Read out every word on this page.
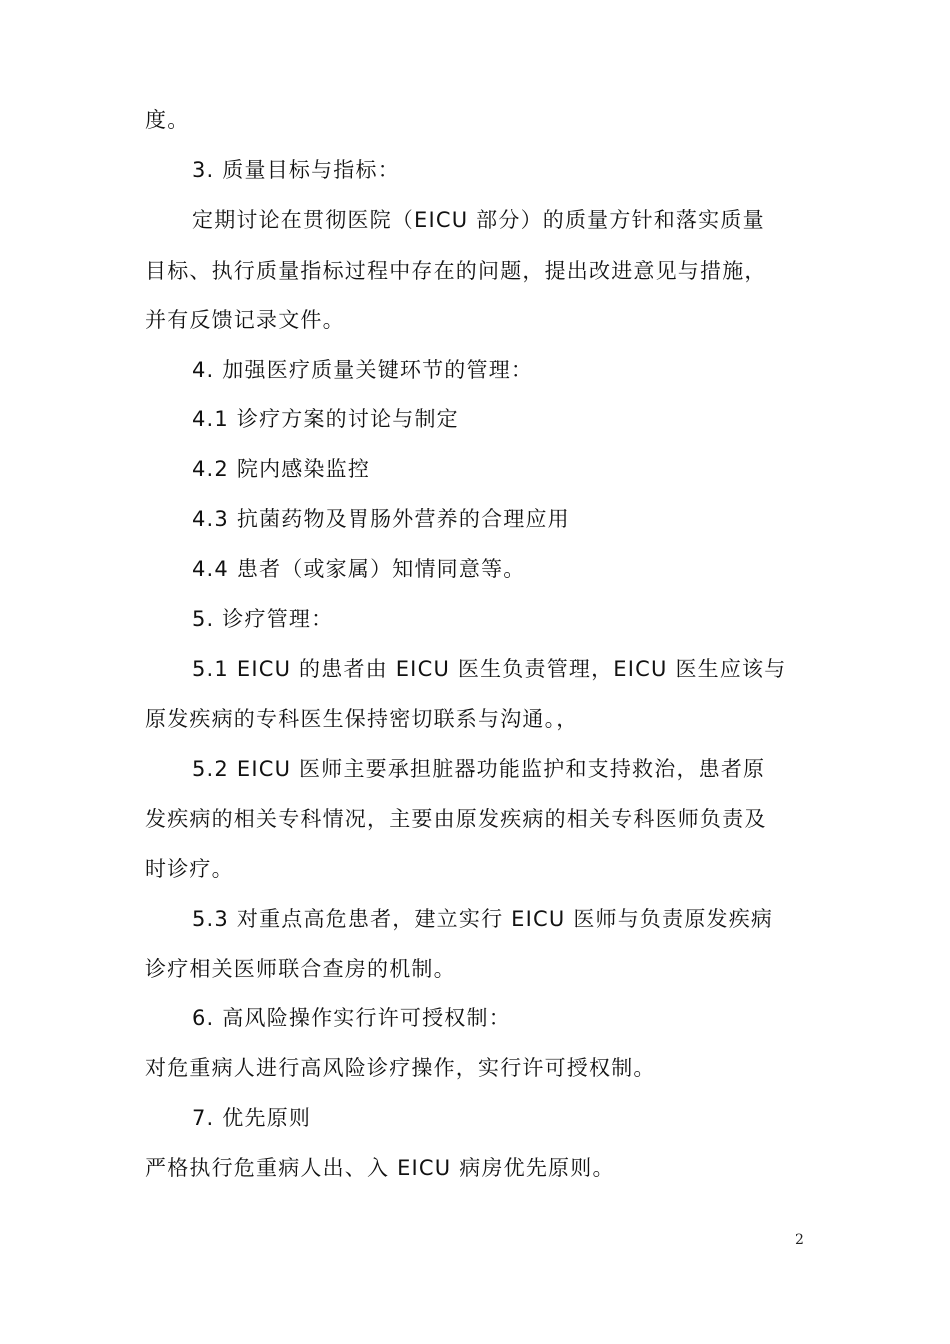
度。
3. 质量目标与指标：
定期讨论在贯彻医院（EICU 部分）的质量方针和落实质量
目标、执行质量指标过程中存在的问题，提出改进意见与措施，
并有反馈记录文件。
4. 加强医疗质量关键环节的管理：
4.1 诊疗方案的讨论与制定
4.2 院内感染监控
4.3 抗菌药物及胃肠外营养的合理应用
4.4 患者（或家属）知情同意等。
5. 诊疗管理：
5.1 EICU 的患者由 EICU 医生负责管理，EICU 医生应该与
原发疾病的专科医生保持密切联系与沟通。，
5.2 EICU 医师主要承担脏器功能监护和支持救治，患者原
发疾病的相关专科情况，主要由原发疾病的相关专科医师负责及
时诊疗。
5.3 对重点高危患者，建立实行 EICU 医师与负责原发疾病
诊疗相关医师联合查房的机制。
6. 高风险操作实行许可授权制：
对危重病人进行高风险诊疗操作，实行许可授权制。
7. 优先原则
严格执行危重病人出、入 EICU 病房优先原则。
2
